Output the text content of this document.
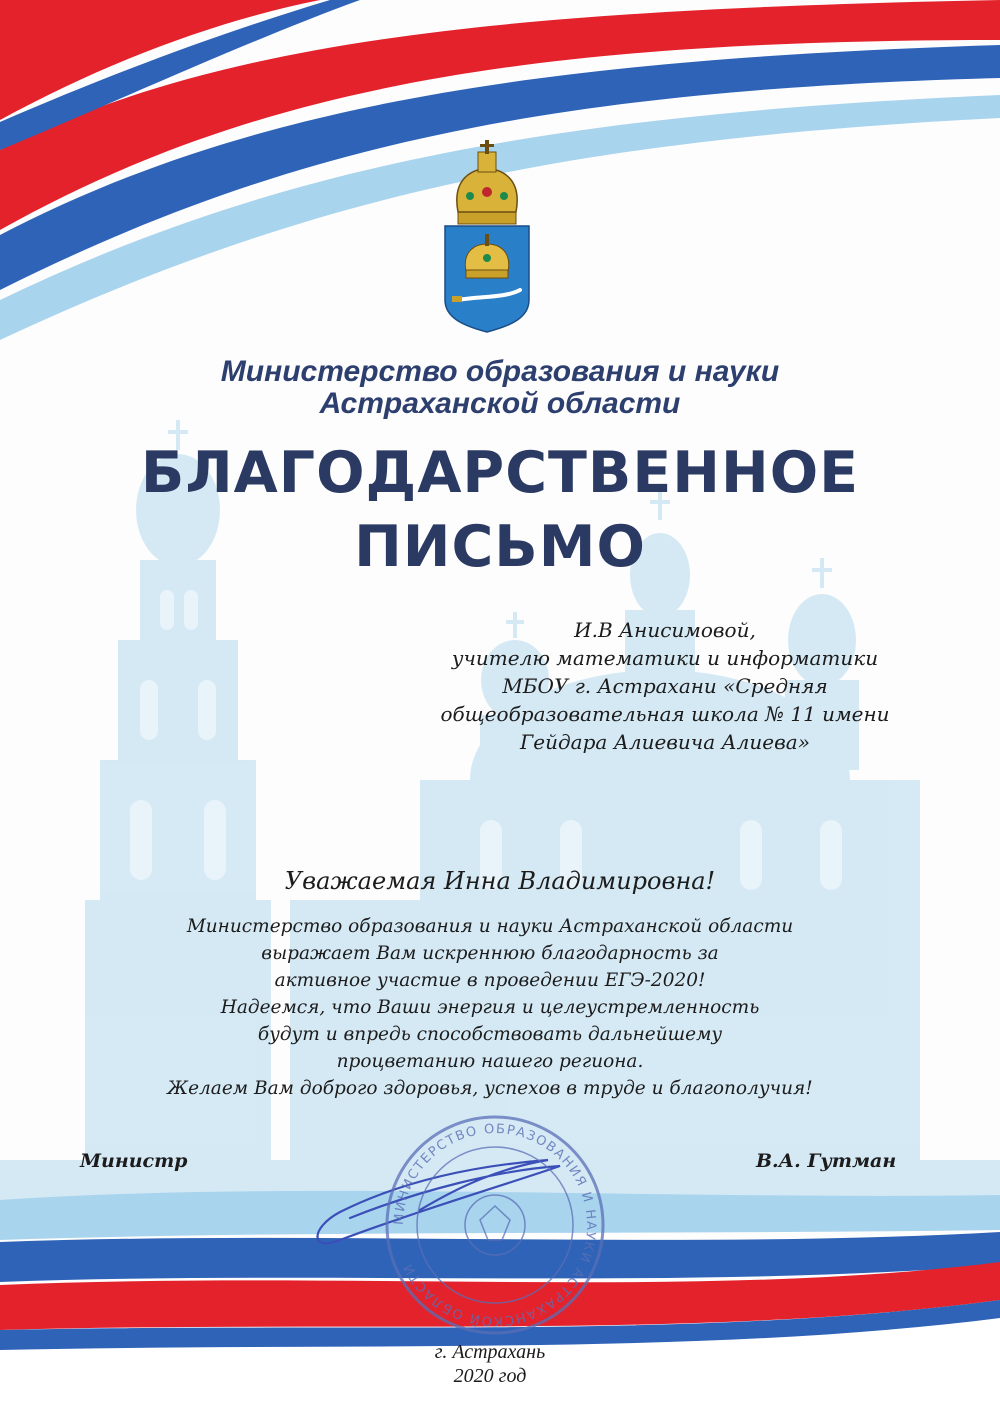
МИНИСТЕРСТВО ОБРАЗОВАНИЯ И НАУКИ АСТРАХАНСКОЙ ОБЛАСТИ

Министерство образования и науки

Астраханской области

БЛАГОДАРСТВЕННОЕ

ПИСЬМО

И.В Анисимовой,

учителю математики и информатики

МБОУ г. Астрахани «Средняя

общеобразовательная школа № 11 имени

Гейдара Алиевича Алиева»

Уважаемая Инна Владимировна!

Министерство образования и науки Астраханской области

выражает Вам искреннюю благодарность за

активное участие в проведении ЕГЭ-2020!

Надеемся, что Ваши энергия и целеустремленность

будут и впредь способствовать дальнейшему

процветанию нашего региона.

Желаем Вам доброго здоровья, успехов в труде и благополучия!

Министр	В.А. Гутман

г. Астрахань

2020 год
